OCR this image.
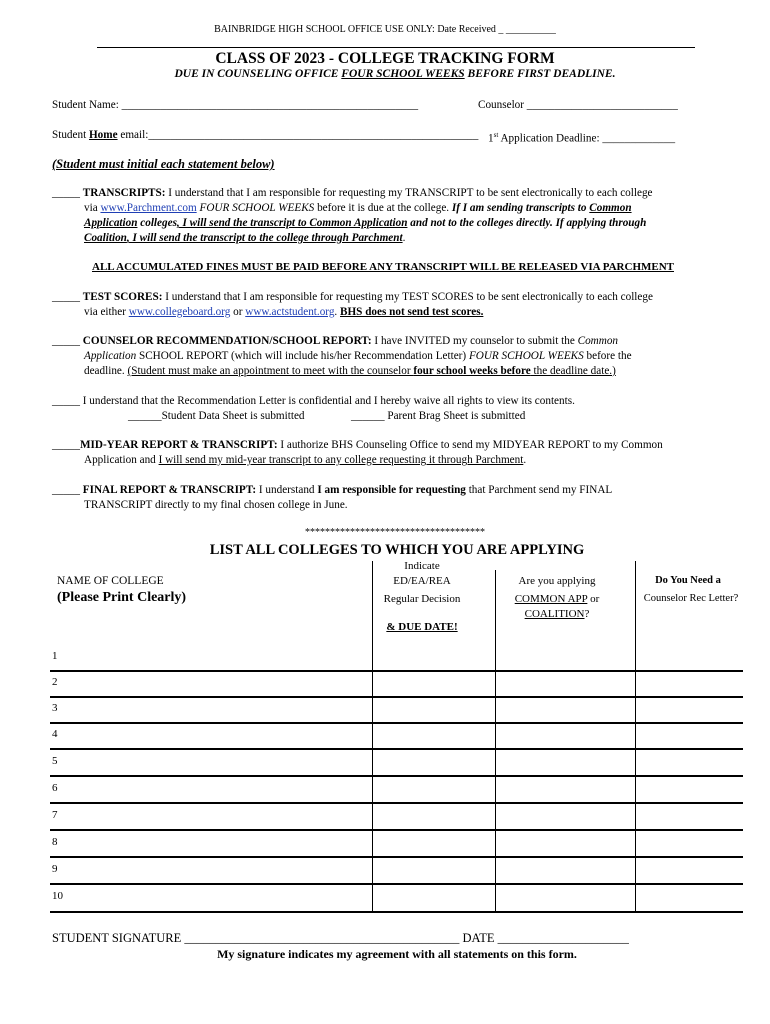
BAINBRIDGE HIGH SCHOOL OFFICE USE ONLY: Date Received _ __________
CLASS OF 2023 - COLLEGE TRACKING FORM
DUE IN COUNSELING OFFICE FOUR SCHOOL WEEKS BEFORE FIRST DEADLINE.
Student Name: _____________________________________________________	Counselor ___________________________
Student Home email:___________________________________________________________ 1st Application Deadline: _____________
(Student must initial each statement below)
_____ TRANSCRIPTS: I understand that I am responsible for requesting my TRANSCRIPT to be sent electronically to each college
via www.Parchment.com FOUR SCHOOL WEEKS before it is due at the college. If I am sending transcripts to Common
Application colleges, I will send the transcript to Common Application and not to the colleges directly. If applying through
Coalition, I will send the transcript to the college through Parchment.
ALL ACCUMULATED FINES MUST BE PAID BEFORE ANY TRANSCRIPT WILL BE RELEASED VIA PARCHMENT
_____ TEST SCORES: I understand that I am responsible for requesting my TEST SCORES to be sent electronically to each college
via either www.collegeboard.org or www.actstudent.org. BHS does not send test scores.
_____ COUNSELOR RECOMMENDATION/SCHOOL REPORT: I have INVITED my counselor to submit the Common
Application SCHOOL REPORT (which will include his/her Recommendation Letter) FOUR SCHOOL WEEKS before the
deadline. (Student must make an appointment to meet with the counselor four school weeks before the deadline date.)
_____ I understand that the Recommendation Letter is confidential and I hereby waive all rights to view its contents.
______Student Data Sheet is submitted	______ Parent Brag Sheet is submitted
_____MID-YEAR REPORT & TRANSCRIPT: I authorize BHS Counseling Office to send my MIDYEAR REPORT to my Common
Application and I will send my mid-year transcript to any college requesting it through Parchment.
_____ FINAL REPORT & TRANSCRIPT: I understand I am responsible for requesting that Parchment send my FINAL
TRANSCRIPT directly to my final chosen college in June.
************************************
LIST ALL COLLEGES TO WHICH YOU ARE APPLYING
NAME OF COLLEGE
(Please Print Clearly)
Indicate
ED/EA/REA
Regular Decision
& DUE DATE!
Are you applying
COMMON APP or
COALITION?
Do You Need a
Counselor Rec Letter?
1
2
3
4
5
6
7
8
9
10
STUDENT SIGNATURE ____________________________________________ DATE _____________________
My signature indicates my agreement with all statements on this form.
